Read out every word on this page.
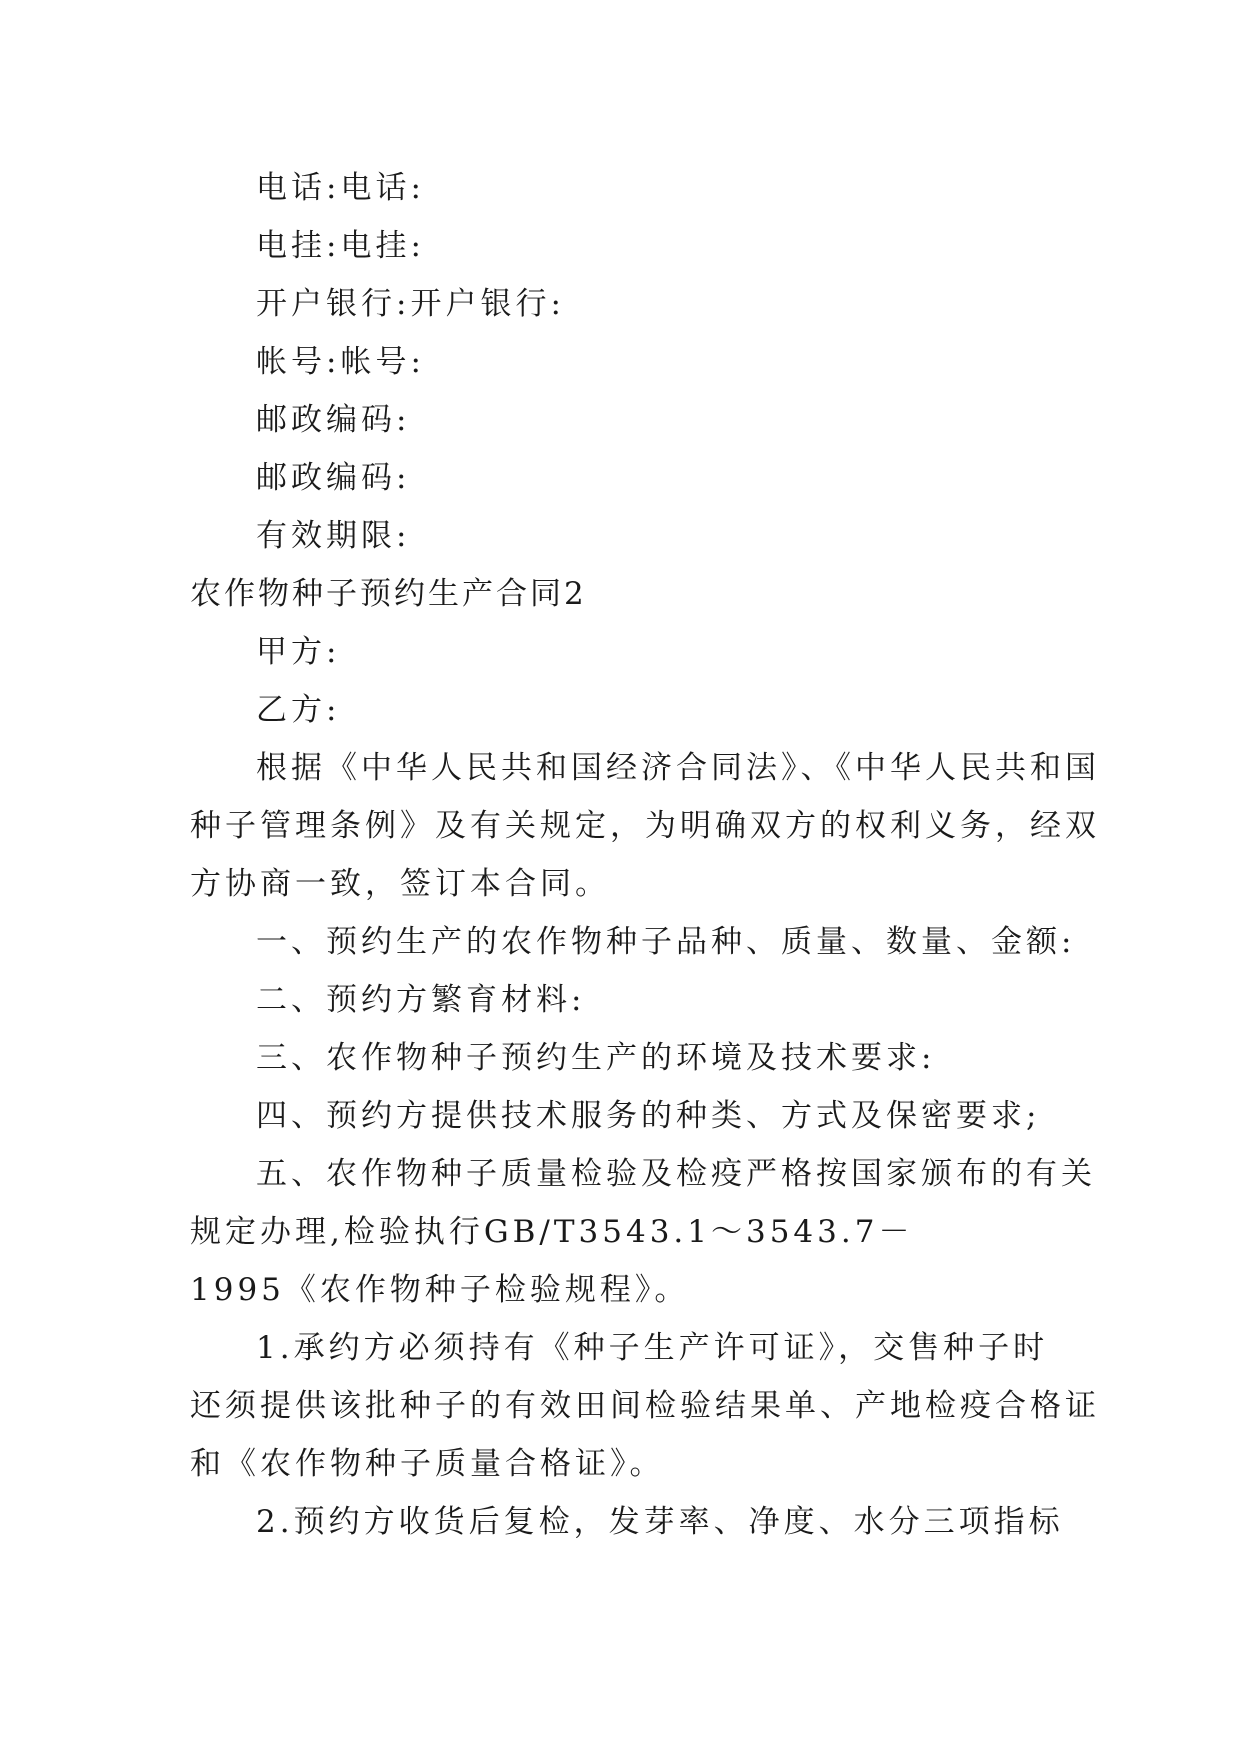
电话:电话:
电挂:电挂:
开户银行:开户银行:
帐号:帐号:
邮政编码:
邮政编码:
有效期限:
农作物种子预约生产合同2
甲方:
乙方:
根据《中华人民共和国经济合同法》、《中华人民共和国
种子管理条例》及有关规定，为明确双方的权利义务，经双
方协商一致，签订本合同。
一、预约生产的农作物种子品种、质量、数量、金额:
二、预约方繁育材料:
三、农作物种子预约生产的环境及技术要求:
四、预约方提供技术服务的种类、方式及保密要求;
五、农作物种子质量检验及检疫严格按国家颁布的有关
规定办理,检验执行GB/T3543.1～3543.7－
1995《农作物种子检验规程》。
1.承约方必须持有《种子生产许可证》，交售种子时
还须提供该批种子的有效田间检验结果单、产地检疫合格证
和《农作物种子质量合格证》。
2.预约方收货后复检，发芽率、净度、水分三项指标
